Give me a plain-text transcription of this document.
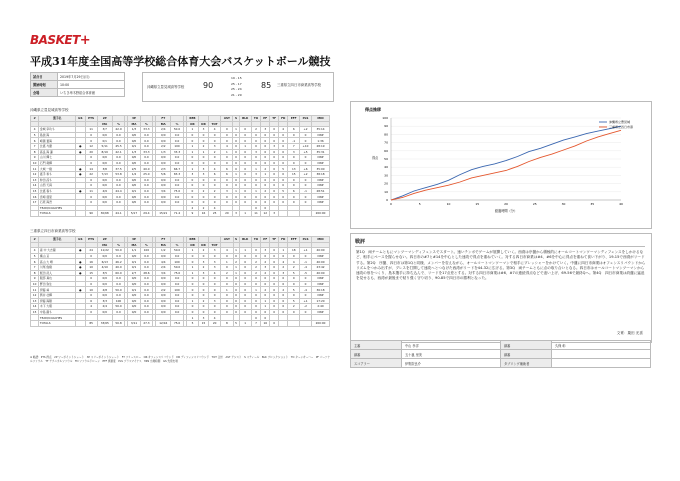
BASKET+
平成31年度全国高等学校総合体育大会バスケットボール競技
試合日	2019年7月29日(月)
開始時刻	10:00
会場	いちき串木野総合体育館
沖縄県立豊見城高等学校 90
19 - 15
25 - 17
25 - 24
21 - 29
85 三重県立四日市商業高等学校
沖縄県立豊見城高等学校
#	選手名	GS	PTS	2P			3P			FT			REB			AST	S	BLK	TO	PF	TF	FD	EFF	PLS	MIN
				MA	%		MA	%		MA	%		OR	DR	TOT										
4	金城 宰功斗		11	3/7	42.9		1/3	33.3		2/4	50.0		1	3	4	0	1	0	2	3	0	4	6	+2	35:14
5	島袋 海		0	0/0	0.0		0/0	0.0		0/0	0.0		0	0	0	0	0	0	0	0	0	0	0	0	DNP
6	崎濱 夏海		0	0/1	0.0		0/0	0.0		0/0	0.0		0	0	0	0	0	0	0	0	0	0	-1	0	1:36
7	比嘉 与磨	●	12	5/11	45.5		0/1	0.0		2/2	100		1	2	3	4	0	1	0	0	3	0	7	+10	28:19
8	高良 海 蓮	●	20	8/19	42.1		1/3	33.3		1/3	33.3		1	1	2	1	0	0	3	0	0	0	3	+5	35:31
9	山川 輝七		0	0/0	0.0		0/0	0.0		0/0	0.0		0	0	0	0	0	0	0	0	0	0	0	0	DNP
10	石門 竜輝		0	0/0	0.0		0/0	0.0		0/0	0.0		0	0	0	0	0	0	0	0	0	0	0	0	DNP
11	大城 一樹	●	14	3/8	37.5		2/5	40.0		2/3	66.7		1	3	4	6	0	0	1	2	0	5	13	+6	35:00
12	嘉手 和斗	●	22	7/13	53.8		1/4	25.0		5/6	83.3		3	3	6	6	1	0	3	1	0	0	15	+2	38:18
13	仲田 涼斗		0	0/0	0.0		0/0	0.0		0/0	0.0		0	0	0	0	0	0	0	0	0	0	0	0	DNP
14	山西 天真		0	0/0	0.0		0/0	0.0		0/0	0.0		0	0	0	0	0	0	0	0	0	0	0	0	DNP
15	比嘉 春斗	●	11	4/9	44.4		0/1	0.0		3/4	75.0		0	2	2	3	1	0	1	2	0	5	6	-1	28:51
16	宮崎 亜里		0	0/0	0.0		0/0	0.0		0/0	0.0		0	0	0	0	0	0	0	0	0	0	0	0	DNP
17	石原 海吾		0	0/0	0.0		0/0	0.0		0/0	0.0		0	0	0	0	0	0	0	0	0	0	0	0	DNP
	TEAM/COACHES												2	2	4				0	0					
	TOTALS		90	30/68	44.1		5/17	29.4		15/21	71.4		9	16	25	20	3	1	11	12	3				200:00
三重県立四日市商業高等学校
#	選手名	GS	PTS	2P			3P			FT			REB			AST	S	BLK	TO	PF	TF	FD	EFF	PLS	MIN
				MA	%		MA	%		MA	%		OR	DR	TOT										
4	森 中 大志龍	●	24	11/22	50.0		1/1	100		1/2	50.0		1	2	3	4	1	1	0	3	0	1	18	+1	40:00
5	横山 亘		0	0/0	0.0		0/0	0.0		0/0	0.0		0	0	0	0	0	0	0	0	0	0	0	0	DNP
6	高山 大 晴	●	16	6/13	46.2		0/1	0.0		4/4	100		0	3	3	1	2	0	2	2	0	4	4	-1	40:00
7	川尾 俊樹	●	10	4/10	40.0		0/1	0.0		2/4	50.0		1	2	3	0	1	0	2	3	0	2	2	-4	23:42
8	飯田 武人	●	15	3/5	60.0		2/7	28.6		3/4	75.0		1	3	4	2	1	0	2	2	0	3	5	-5	40:00
9	服部 真也		0	0/0	0.0		0/0	0.0		0/0	0.0		0	0	0	0	0	0	0	0	0	0	0	0	DNP
10	野田 弥生		0	0/0	0.0		0/0	0.0		0/0	0.0		0	0	0	0	0	0	0	0	0	0	0	0	DNP
11	伊藤 舜	●	10	4/8	50.0		0/1	0.0		2/2	100		0	0	0	1	0	0	1	2	0	2	5	-4	36:18
12	筒井 壮輝		0	0/0	0.0		0/0	0.0		0/0	0.0		0	0	0	0	0	0	0	0	0	0	0	0	DNP
13	伊藤 海陽		6	3/3	100		0/0	0.0		0/0	0.0		1	2	3	0	0	0	0	1	0	0	5	+1	17:20
14	木下 大翔		4	2/4	50.0		0/0	0.0		0/0	0.0		0	0	0	0	0	0	0	1	0	0	2	-2	2:40
15	中島 龍斗		0	0/0	0.0		0/0	0.0		0/0	0.0		0	0	0	0	0	0	0	0	0	0	0	0	DNP
	TEAM/COACHES												1	3	4				0	0					
	TOTALS		85	33/65	50.8		3/11	27.3		12/16	75.0		5	15	20	8	5	1	7	16	0				200:00
得点推移
0
10
20
30
40
50
60
70
80
90
100
0	5	10	15	20	25	30	35	40
経過時間（分）
得点
沖縄県立豊見城
三重県立四日市商
戦評
第1Q　両チームともにマンツーマンディフェンスでスタート。速いテンポでゲームが展開していく。西湾は序盤から積極的にオールコートマンツーマンディフェンスをしかけるなど、相手にペースを握らせない。四日市の#7と#14を中心とした速攻で得点を重ねていく。対する四日市商業は#4、#6を中心に得点を重ねて食い下がり、19-15で西湾がリードする。第2Q　序盤、四日市は第1Qと同様、メンバーを変えながら、オールコートマンツーマンで相手にプレッシャーをかけていく。中盤に四日市商業はオフェンスリバウンドからリズムをつかみ出すが、プレスを打開して速攻へとつなげた西湾がリードを44-32に広げる。第3Q　両チームともに点の取り合いとなる。四日市はオールコートマンツーマンから速攻の形をつくり、島本選手に持ち込んで、リードを17点差とする。対する四日市商業は#6、#7の連続得点などで追い上げ、69-56で最終Qへ。第4Q　四日市商業は終盤に猛追を見せるも、西湾が最後まで粘り強く守り切り、90-85で四日市の勝利となった。
文責：栗田 光喜
※ 略語：PTS 得点　2P ツーポイントシュート　3P スリーポイントシュート　FT フリースロー　OR オフェンスリバウンド　DR ディフェンスリバウンド　TOT 合計　AST アシスト　S スティール　BLK ブロックショット　TO ターンオーバー　PF パーソナルファウル　TF テクニカルファウル　FD ファウルドローン　EFF 貢献度　PLS プラスマイナス　MIN 出場時間　GS 先発出場
主審	中山 孝洋	副審	久保 彰
副審	五十嵐 里美	副審	
スコアラー	伊集院良介	タブリング補助者	
